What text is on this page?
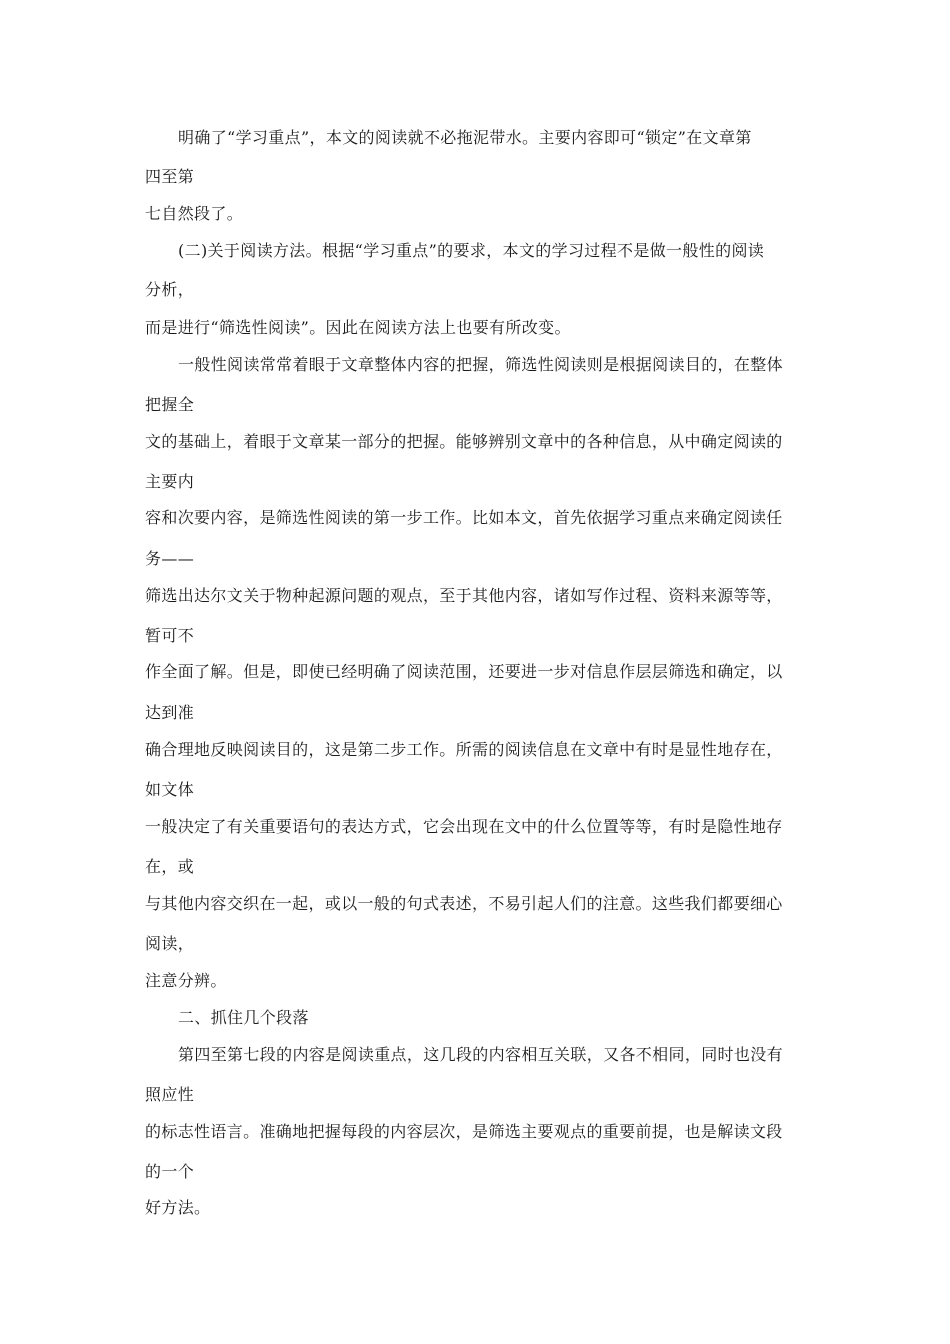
明确了“学习重点”，本文的阅读就不必拖泥带水。主要内容即可“锁定”在文章第
四至第
七自然段了。
(二)关于阅读方法。根据“学习重点”的要求，本文的学习过程不是做一般性的阅读
分析，
而是进行“筛选性阅读”。因此在阅读方法上也要有所改变。
一般性阅读常常着眼于文章整体内容的把握，筛选性阅读则是根据阅读目的，在整体
把握全
文的基础上，着眼于文章某一部分的把握。能够辨别文章中的各种信息，从中确定阅读的
主要内
容和次要内容，是筛选性阅读的第一步工作。比如本文，首先依据学习重点来确定阅读任
务——
筛选出达尔文关于物种起源问题的观点，至于其他内容，诸如写作过程、资料来源等等，
暂可不
作全面了解。但是，即使已经明确了阅读范围，还要进一步对信息作层层筛选和确定，以
达到准
确合理地反映阅读目的，这是第二步工作。所需的阅读信息在文章中有时是显性地存在，
如文体
一般决定了有关重要语句的表达方式，它会出现在文中的什么位置等等，有时是隐性地存
在，或
与其他内容交织在一起，或以一般的句式表述，不易引起人们的注意。这些我们都要细心
阅读，
注意分辨。
二、抓住几个段落
第四至第七段的内容是阅读重点，这几段的内容相互关联，又各不相同，同时也没有
照应性
的标志性语言。准确地把握每段的内容层次，是筛选主要观点的重要前提，也是解读文段
的一个
好方法。
